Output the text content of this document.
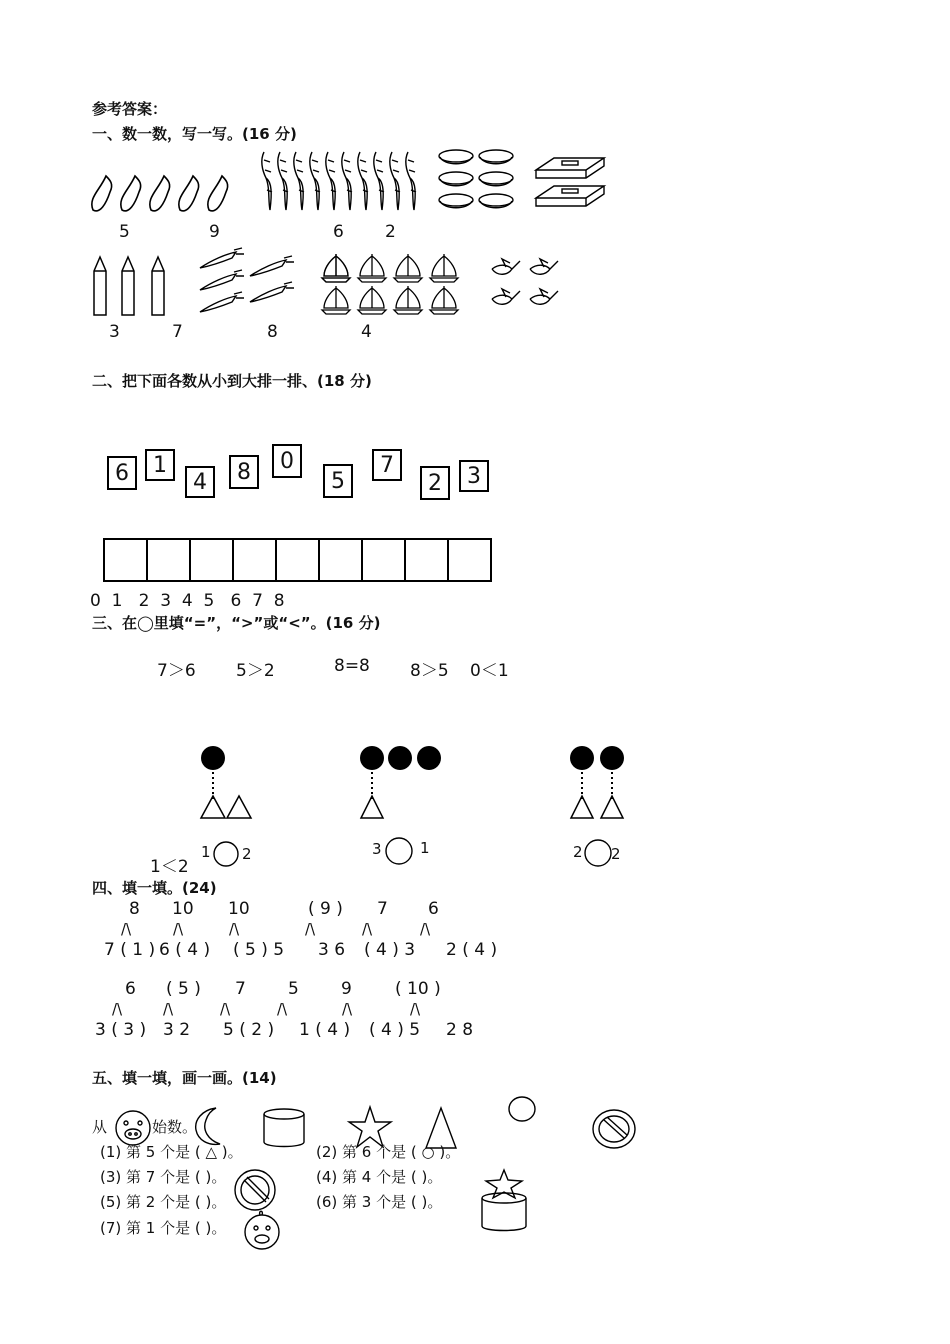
参考答案：
一、数一数，写一写。(16 分)
5	9	6 2
3	7	8	4
二、把下面各数从小到大排一排、(18 分)
6	1
4	8	0
5
7
2	3
0  1   2  3  4  5   6  7  8
三、在◯里填“=”，“>”或“<”。(16 分)
7＞6 5＞2	8=8 8＞5 0＜1
1＜2
1 2	3	1	2 2
四、填一填。(24)
8 10 10	( 9 ) 7 6
/\	/\	/\	/\	/\	/\
7 ( 1 ) 6 ( 4 ) ( 5 ) 5 3 6 ( 4 ) 3 2 ( 4 )
6 ( 5 ) 7 5 9	( 10 )
/\	/\	/\	/\	/\	/\
3 ( 3 ) 3 2 5 ( 2 ) 1 ( 4 ) ( 4 ) 5 2 8
五、填一填，画一画。(14)
从	始数。
(1) 第 5 个是 ( △ )。	(2) 第 6 个是 ( ○ )。
(3) 第 7 个是 ( )。	(4) 第 4 个是 ( )。
(5) 第 2 个是 ( )。	(6) 第 3 个是 ( )。
(7) 第 1 个是 ( )。
